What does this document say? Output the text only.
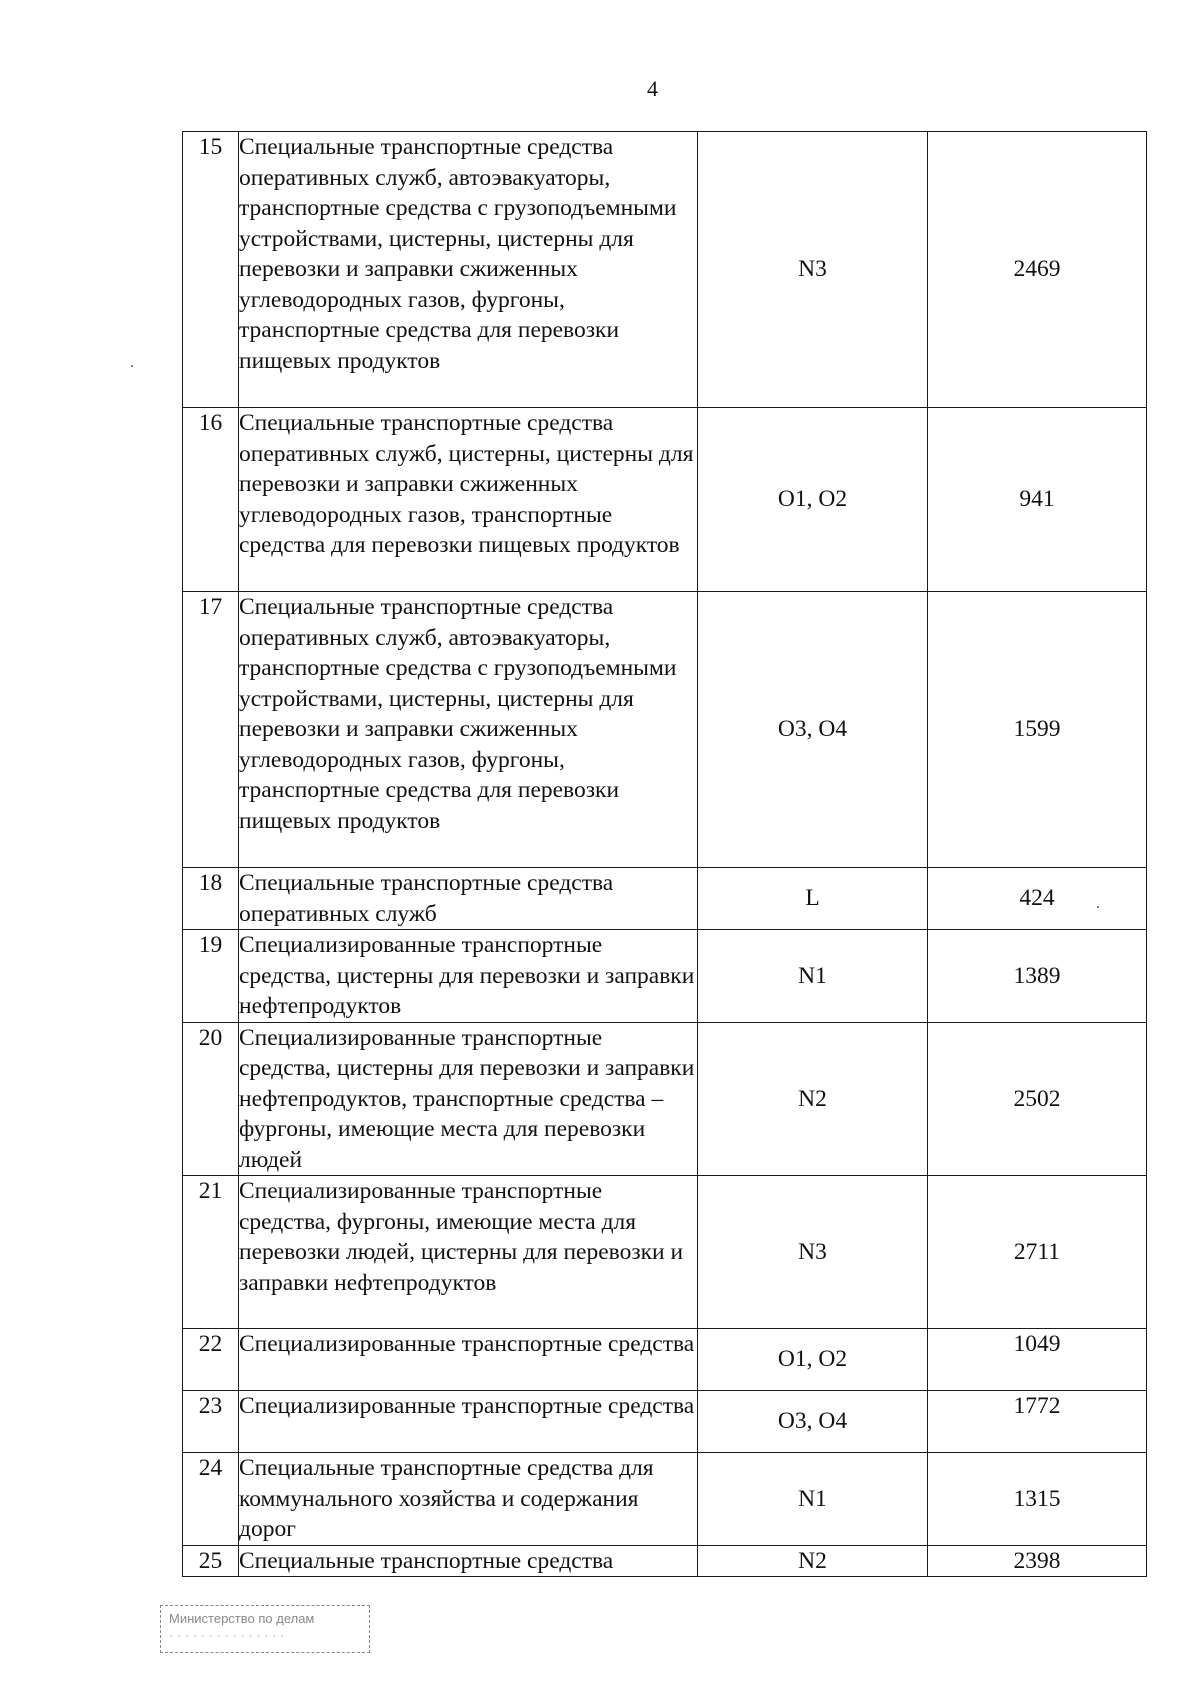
4
15	Специальные транспортные средства оперативных служб, автоэвакуаторы, транспортные средства с грузоподъемными устройствами, цистерны, цистерны для перевозки и заправки сжиженных углеводородных газов, фургоны, транспортные средства для перевозки пищевых продуктов	N3	2469
16	Специальные транспортные средства оперативных служб, цистерны, цистерны для перевозки и заправки сжиженных углеводородных газов, транспортные средства для перевозки пищевых продуктов	O1, O2	941
17	Специальные транспортные средства оперативных служб, автоэвакуаторы, транспортные средства с грузоподъемными устройствами, цистерны, цистерны для перевозки и заправки сжиженных углеводородных газов, фургоны, транспортные средства для перевозки пищевых продуктов	O3, O4	1599
18	Специальные транспортные средства оперативных служб	L	424
19	Специализированные транспортные средства, цистерны для перевозки и заправки нефтепродуктов	N1	1389
20	Специализированные транспортные средства, цистерны для перевозки и заправки нефтепродуктов, транспортные средства – фургоны, имеющие места для перевозки людей	N2	2502
21	Специализированные транспортные средства, фургоны, имеющие места для перевозки людей, цистерны для перевозки и заправки нефтепродуктов	N3	2711
22	Специализированные транспортные средства	O1, O2	1049
23	Специализированные транспортные средства	O3, O4	1772
24	Специальные транспортные средства для коммунального хозяйства и содержания дорог	N1	1315
25	Специальные транспортные средства	N2	2398
Министерство по делам
· · · · · · · · · · · · · · ·
